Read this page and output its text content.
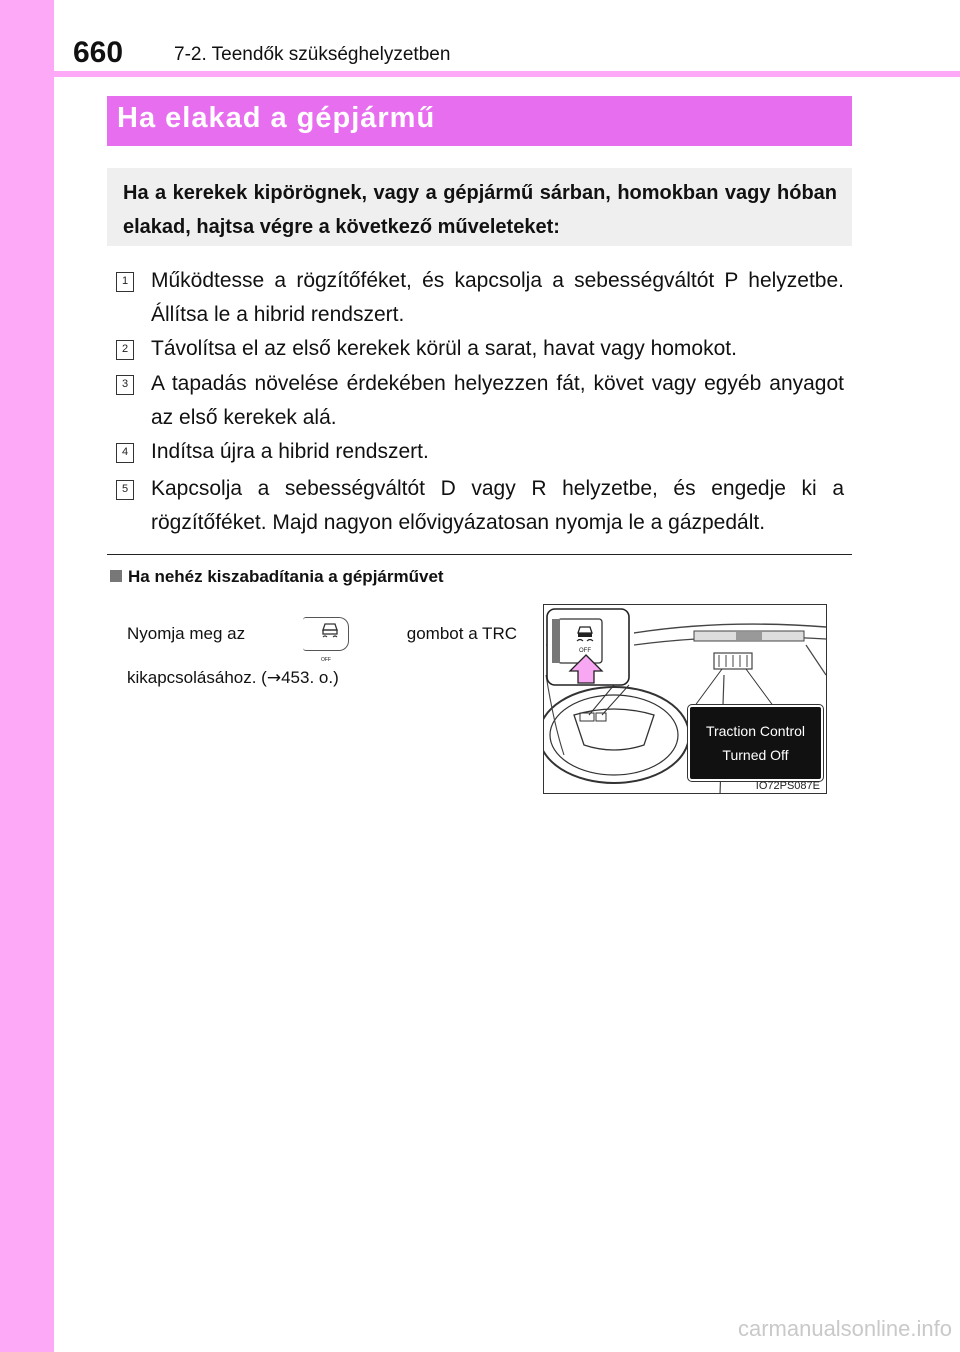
660	7-2. Teendők szükséghelyzetben
Ha elakad a gépjármű

Ha a kerekek kipörögnek, vagy a gépjármű sárban, homokban vagy hóban elakad, hajtsa végre a következő műveleteket:

1 Működtesse a rögzítőféket, és kapcsolja a sebességváltót P helyzetbe. Állítsa le a hibrid rendszert.
2 Távolítsa el az első kerekek körül a sarat, havat vagy homokot.
3 A tapadás növelése érdekében helyezzen fát, követ vagy egyéb anyagot az első kerekek alá.
4 Indítsa újra a hibrid rendszert.
5 Kapcsolja a sebességváltót D vagy R helyzetbe, és engedje ki a rögzítőféket. Majd nagyon elővigyázatosan nyomja le a gázpedált.
Ha nehéz kiszabadítania a gépjárművet
Nyomja meg az
OFF
gombot a TRC
kikapcsolásához. (→453. o.)
OFF
Traction Control
Turned Off
IO72PS087E
carmanualsonline.info
